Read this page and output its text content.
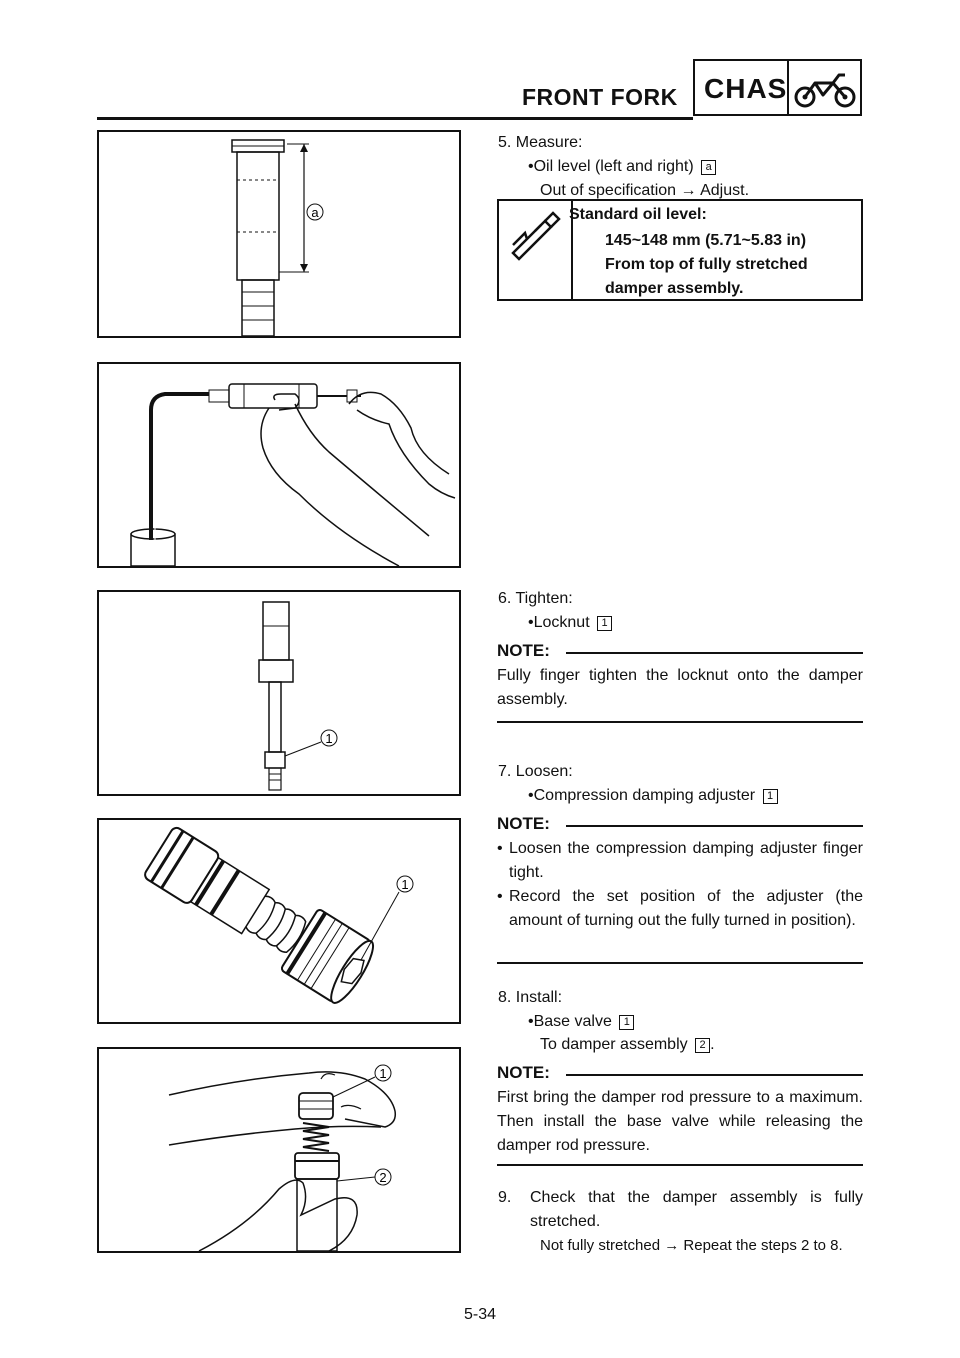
FRONT FORK CHAS
a
5. Measure:
•Oil level (left and right) a
Out of specification → Adjust.
Standard oil level:
145~148 mm (5.71~5.83 in)
From top of fully stretched
damper assembly.
1
6. Tighten:
•Locknut 1
NOTE:
Fully finger tighten the locknut onto the damper assembly.
1
7. Loosen:
•Compression damping adjuster 1
NOTE:
• Loosen the compression damping adjuster finger tight.
• Record the set position of the adjuster (the amount of turning out the fully turned in position).
8. Install:
•Base valve 1
To damper assembly 2 .
NOTE:
First bring the damper rod pressure to a maximum. Then install the base valve while releasing the damper rod pressure.
1
2
9. Check that the damper assembly is fully stretched.
Not fully stretched → Repeat the steps 2 to 8.
5-34
